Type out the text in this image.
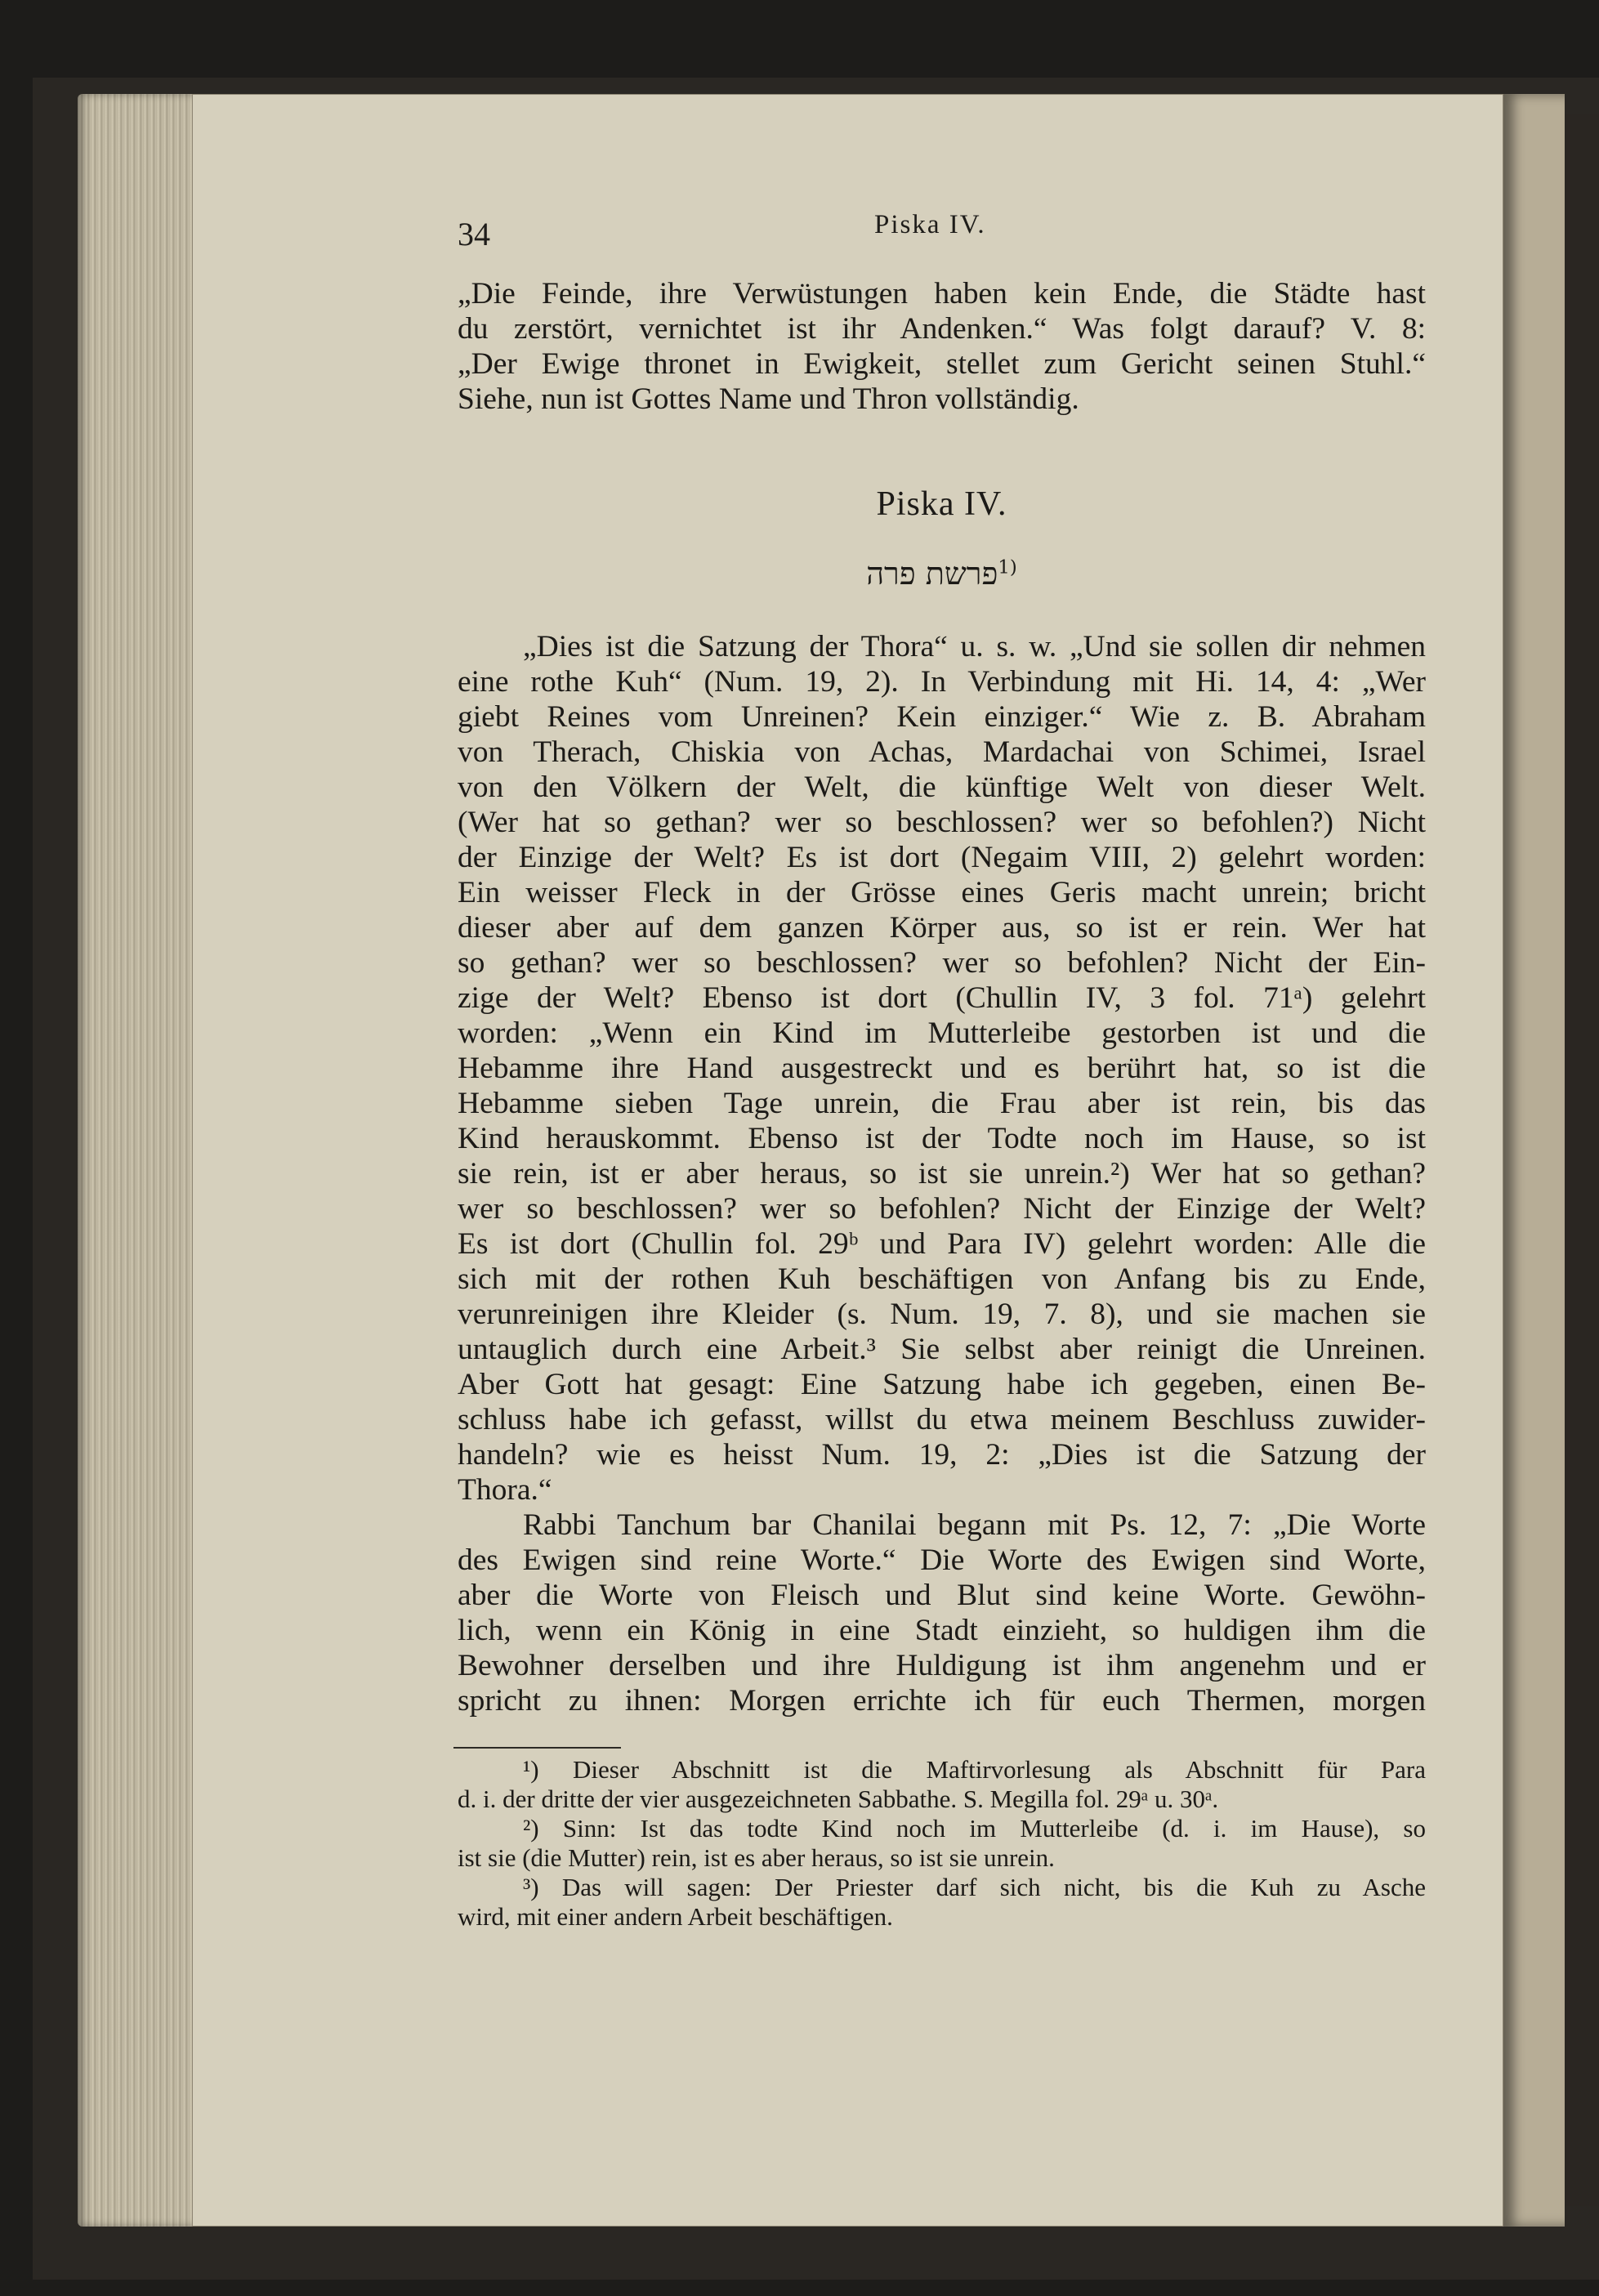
34	Piska IV.

„Die Feinde, ihre Verwüstungen haben kein Ende, die Städte hast

du zerstört, vernichtet ist ihr Andenken.“ Was folgt darauf? V. 8:

„Der Ewige thronet in Ewigkeit, stellet zum Gericht seinen Stuhl.“

Siehe, nun ist Gottes Name und Thron vollständig.

Piska IV.
פרשת פרה$^{1)}$

„Dies ist die Satzung der Thora“ u. s. w. „Und sie sollen dir nehmen

eine rothe Kuh“ (Num. 19, 2). In Verbindung mit Hi. 14, 4: „Wer

giebt Reines vom Unreinen? Kein einziger.“ Wie z. B. Abraham

von Therach, Chiskia von Achas, Mardachai von Schimei, Israel

von den Völkern der Welt, die künftige Welt von dieser Welt.

(Wer hat so gethan? wer so beschlossen? wer so befohlen?) Nicht

der Einzige der Welt? Es ist dort (Negaim VIII, 2) gelehrt worden:

Ein weisser Fleck in der Grösse eines Geris macht unrein; bricht

dieser aber auf dem ganzen Körper aus, so ist er rein. Wer hat

so gethan? wer so beschlossen? wer so befohlen? Nicht der Ein-

zige der Welt? Ebenso ist dort (Chullin IV, 3 fol. 71ᵃ) gelehrt

worden: „Wenn ein Kind im Mutterleibe gestorben ist und die

Hebamme ihre Hand ausgestreckt und es berührt hat, so ist die

Hebamme sieben Tage unrein, die Frau aber ist rein, bis das

Kind herauskommt. Ebenso ist der Todte noch im Hause, so ist

sie rein, ist er aber heraus, so ist sie unrein.²) Wer hat so gethan?

wer so beschlossen? wer so befohlen? Nicht der Einzige der Welt?

Es ist dort (Chullin fol. 29ᵇ und Para IV) gelehrt worden: Alle die

sich mit der rothen Kuh beschäftigen von Anfang bis zu Ende,

verunreinigen ihre Kleider (s. Num. 19, 7. 8), und sie machen sie

untauglich durch eine Arbeit.³ Sie selbst aber reinigt die Unreinen.

Aber Gott hat gesagt: Eine Satzung habe ich gegeben, einen Be-

schluss habe ich gefasst, willst du etwa meinem Beschluss zuwider-

handeln? wie es heisst Num. 19, 2: „Dies ist die Satzung der

Thora.“

Rabbi Tanchum bar Chanilai begann mit Ps. 12, 7: „Die Worte

des Ewigen sind reine Worte.“ Die Worte des Ewigen sind Worte,

aber die Worte von Fleisch und Blut sind keine Worte. Gewöhn-

lich, wenn ein König in eine Stadt einzieht, so huldigen ihm die

Bewohner derselben und ihre Huldigung ist ihm angenehm und er

spricht zu ihnen: Morgen errichte ich für euch Thermen, morgen

¹) Dieser Abschnitt ist die Maftirvorlesung als Abschnitt für Para

d. i. der dritte der vier ausgezeichneten Sabbathe. S. Megilla fol. 29ᵃ u. 30ᵃ.

²) Sinn: Ist das todte Kind noch im Mutterleibe (d. i. im Hause), so

ist sie (die Mutter) rein, ist es aber heraus, so ist sie unrein.

³) Das will sagen: Der Priester darf sich nicht, bis die Kuh zu Asche

wird, mit einer andern Arbeit beschäftigen.
